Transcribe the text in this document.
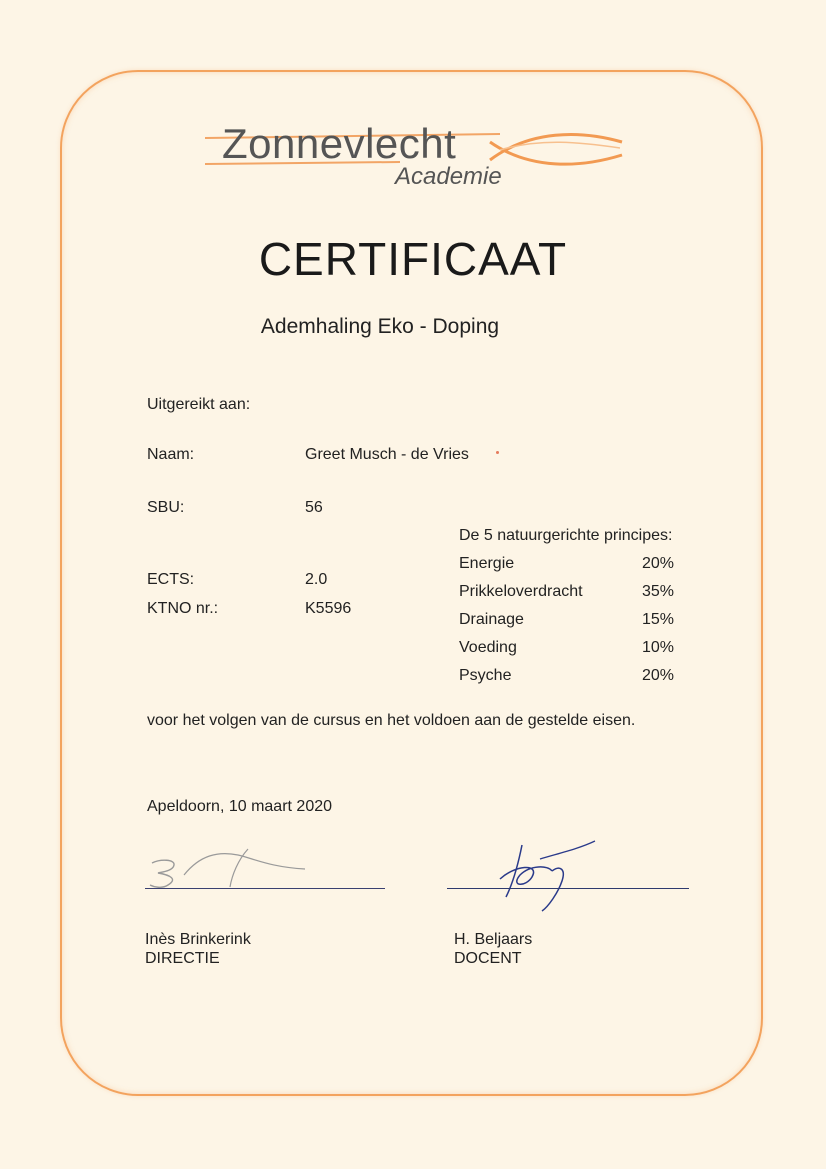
Zonnevlecht
Academie
CERTIFICAAT
Ademhaling Eko - Doping
Uitgereikt aan:
Naam:	Greet Musch - de Vries
SBU:	56
ECTS:	2.0
KTNO nr.:	K5596
De 5 natuurgerichte principes:
Energie	20%
Prikkeloverdracht	35%
Drainage	15%
Voeding	10%
Psyche	20%
voor het volgen van de cursus en het voldoen aan de gestelde eisen.
Apeldoorn, 10 maart 2020
Inès Brinkerink
DIRECTIE
H. Beljaars
DOCENT
